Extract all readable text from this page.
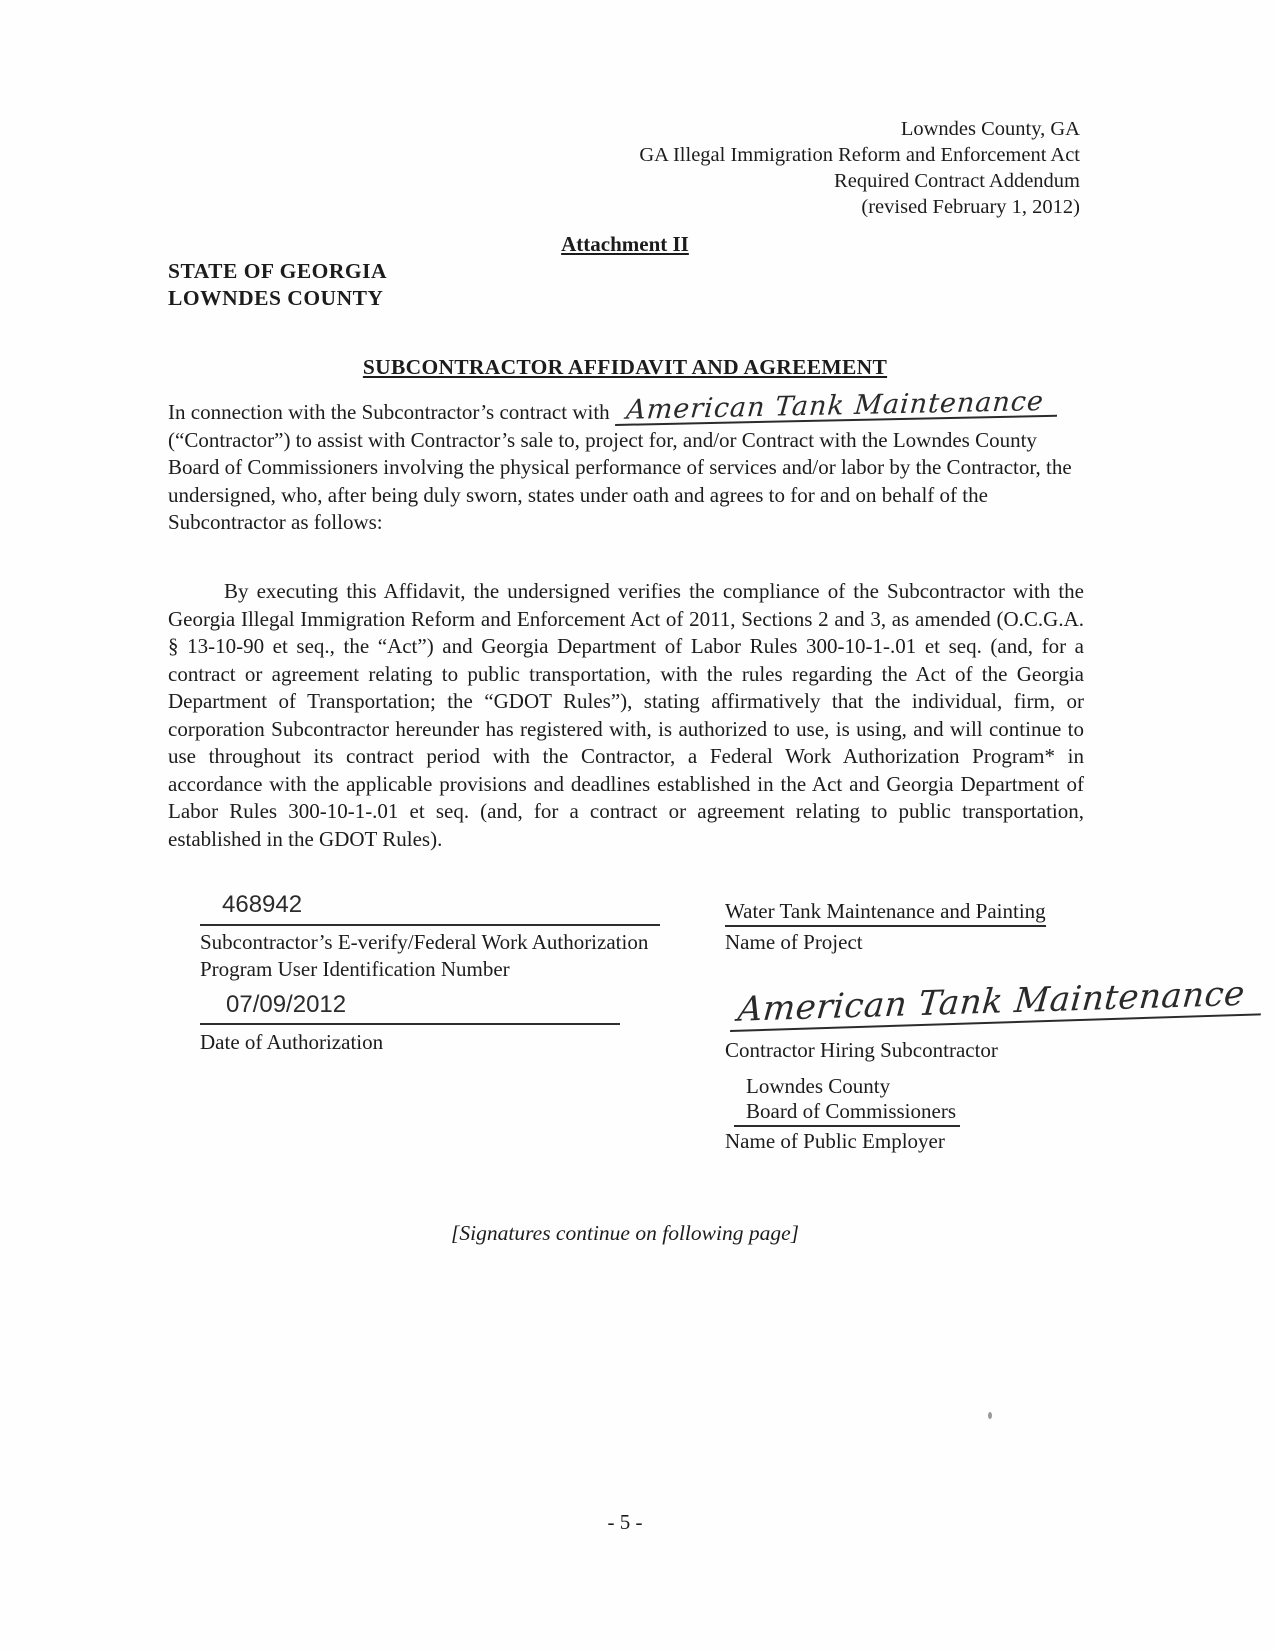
Lowndes County, GA
GA Illegal Immigration Reform and Enforcement Act
Required Contract Addendum
(revised February 1, 2012)
Attachment II
STATE OF GEORGIA
LOWNDES COUNTY
SUBCONTRACTOR AFFIDAVIT AND AGREEMENT
In connection with the Subcontractor’s contract with American Tank Maintenance (“Contractor”) to assist with Contractor’s sale to, project for, and/or Contract with the Lowndes County Board of Commissioners involving the physical performance of services and/or labor by the Contractor, the undersigned, who, after being duly sworn, states under oath and agrees to for and on behalf of the Subcontractor as follows:
By executing this Affidavit, the undersigned verifies the compliance of the Subcontractor with the Georgia Illegal Immigration Reform and Enforcement Act of 2011, Sections 2 and 3, as amended (O.C.G.A. § 13-10-90 et seq., the “Act”) and Georgia Department of Labor Rules 300-10-1-.01 et seq. (and, for a contract or agreement relating to public transportation, with the rules regarding the Act of the Georgia Department of Transportation; the “GDOT Rules”), stating affirmatively that the individual, firm, or corporation Subcontractor hereunder has registered with, is authorized to use, is using, and will continue to use throughout its contract period with the Contractor, a Federal Work Authorization Program* in accordance with the applicable provisions and deadlines established in the Act and Georgia Department of Labor Rules 300-10-1-.01 et seq. (and, for a contract or agreement relating to public transportation, established in the GDOT Rules).
468942
Subcontractor’s E-verify/Federal Work Authorization Program User Identification Number
07/09/2012
Date of Authorization
Water Tank Maintenance and Painting
Name of Project
American Tank Maintenance
Contractor Hiring Subcontractor
Lowndes County
Board of Commissioners
Name of Public Employer
[Signatures continue on following page]
- 5 -
